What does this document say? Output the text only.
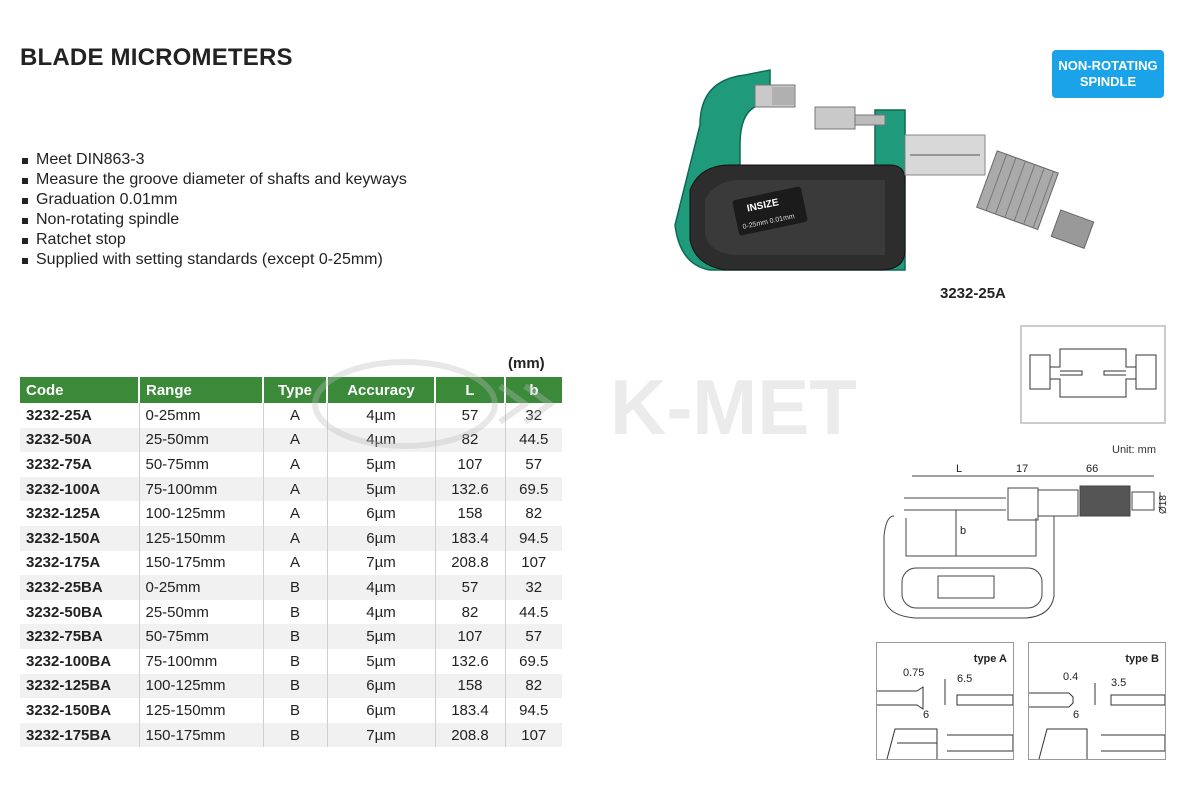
BLADE MICROMETERS
Meet DIN863-3
Measure the groove diameter of shafts and keyways
Graduation 0.01mm
Non-rotating spindle
Ratchet stop
Supplied with setting standards (except 0-25mm)
NON-ROTATING
SPINDLE
INSIZE
0-25mm 0.01mm
3232-25A
(mm)
Code	Range	Type	Accuracy	L	b
3232-25A	0-25mm	A	4µm	57	32
3232-50A	25-50mm	A	4µm	82	44.5
3232-75A	50-75mm	A	5µm	107	57
3232-100A	75-100mm	A	5µm	132.6	69.5
3232-125A	100-125mm	A	6µm	158	82
3232-150A	125-150mm	A	6µm	183.4	94.5
3232-175A	150-175mm	A	7µm	208.8	107
3232-25BA	0-25mm	B	4µm	57	32
3232-50BA	25-50mm	B	4µm	82	44.5
3232-75BA	50-75mm	B	5µm	107	57
3232-100BA	75-100mm	B	5µm	132.6	69.5
3232-125BA	100-125mm	B	6µm	158	82
3232-150BA	125-150mm	B	6µm	183.4	94.5
3232-175BA	150-175mm	B	7µm	208.8	107
K-MET	Unit: mm
L	17	66
b
Ø18
type A
0.75	6.5
6
type B
0.4	3.5
6
